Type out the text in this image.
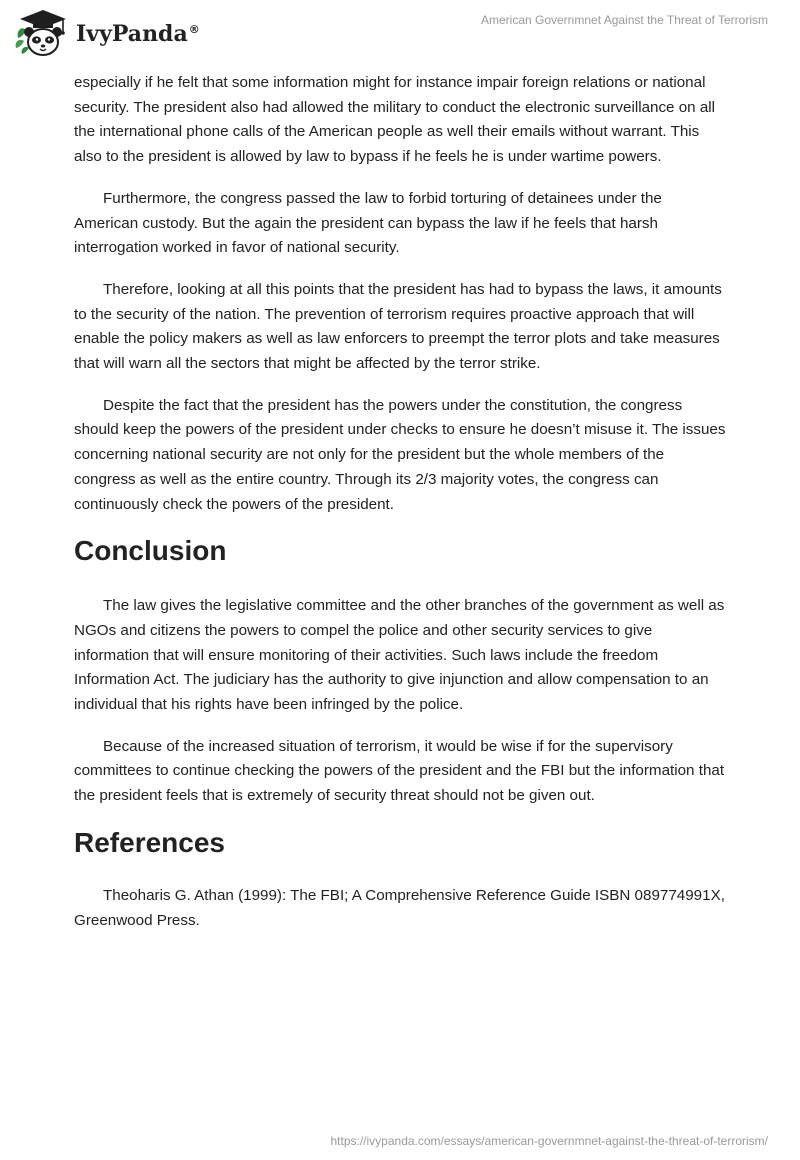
IvyPanda®
American Governmnet Against the Threat of Terrorism

especially if he felt that some information might for instance impair foreign relations or national security. The president also had allowed the military to conduct the electronic surveillance on all the international phone calls of the American people as well their emails without warrant. This also to the president is allowed by law to bypass if he feels he is under wartime powers.

Furthermore, the congress passed the law to forbid torturing of detainees under the American custody. But the again the president can bypass the law if he feels that harsh interrogation worked in favor of national security.

Therefore, looking at all this points that the president has had to bypass the laws, it amounts to the security of the nation. The prevention of terrorism requires proactive approach that will enable the policy makers as well as law enforcers to preempt the terror plots and take measures that will warn all the sectors that might be affected by the terror strike.

Despite the fact that the president has the powers under the constitution, the congress should keep the powers of the president under checks to ensure he doesn’t misuse it. The issues concerning national security are not only for the president but the whole members of the congress as well as the entire country. Through its 2/3 majority votes, the congress can continuously check the powers of the president.

Conclusion

The law gives the legislative committee and the other branches of the government as well as NGOs and citizens the powers to compel the police and other security services to give information that will ensure monitoring of their activities. Such laws include the freedom Information Act. The judiciary has the authority to give injunction and allow compensation to an individual that his rights have been infringed by the police.

Because of the increased situation of terrorism, it would be wise if for the supervisory committees to continue checking the powers of the president and the FBI but the information that the president feels that is extremely of security threat should not be given out.

References

Theoharis G. Athan (1999): The FBI; A Comprehensive Reference Guide ISBN 089774991X, Greenwood Press.

https://ivypanda.com/essays/american-governmnet-against-the-threat-of-terrorism/
